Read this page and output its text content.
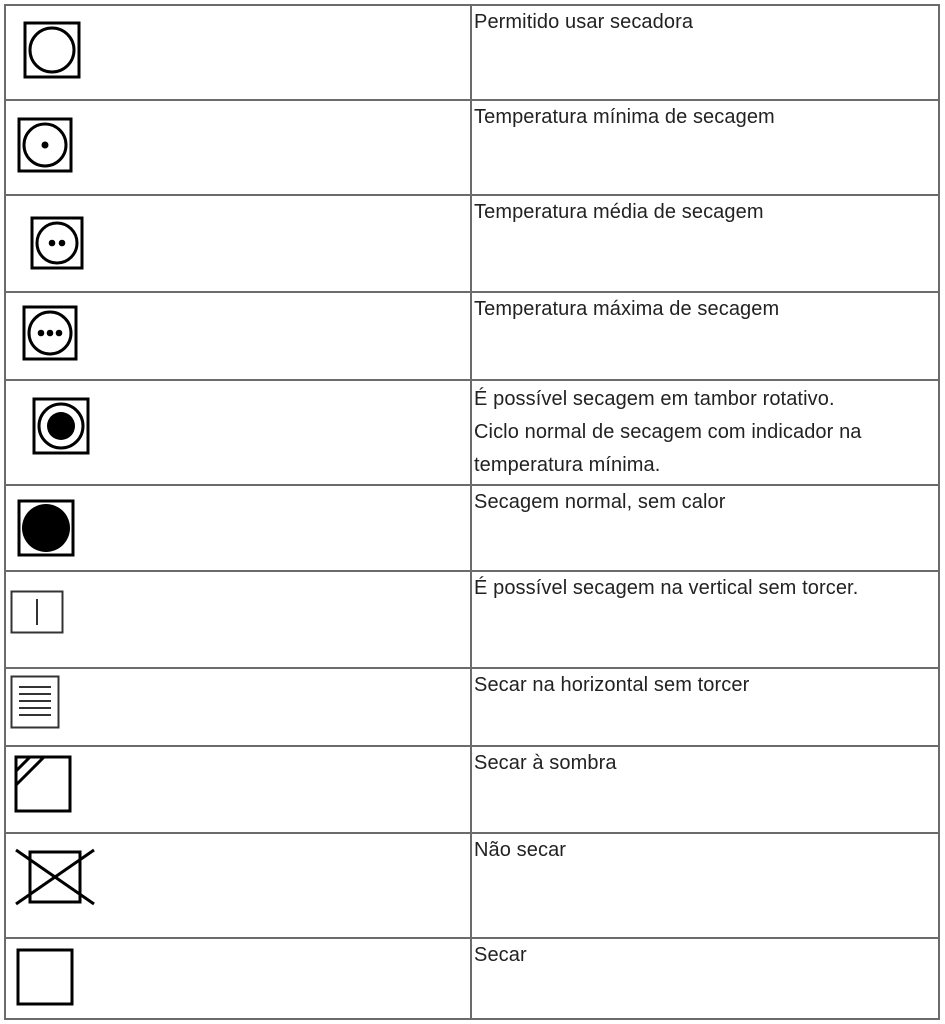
Permitido usar secadora
Temperatura mínima de secagem
Temperatura média de secagem
Temperatura máxima de secagem
É possível secagem em tambor rotativo.
Ciclo normal de secagem com indicador na
temperatura mínima.
Secagem normal, sem calor
É possível secagem na vertical sem torcer.
Secar na horizontal sem torcer
Secar à sombra
Não secar
Secar
